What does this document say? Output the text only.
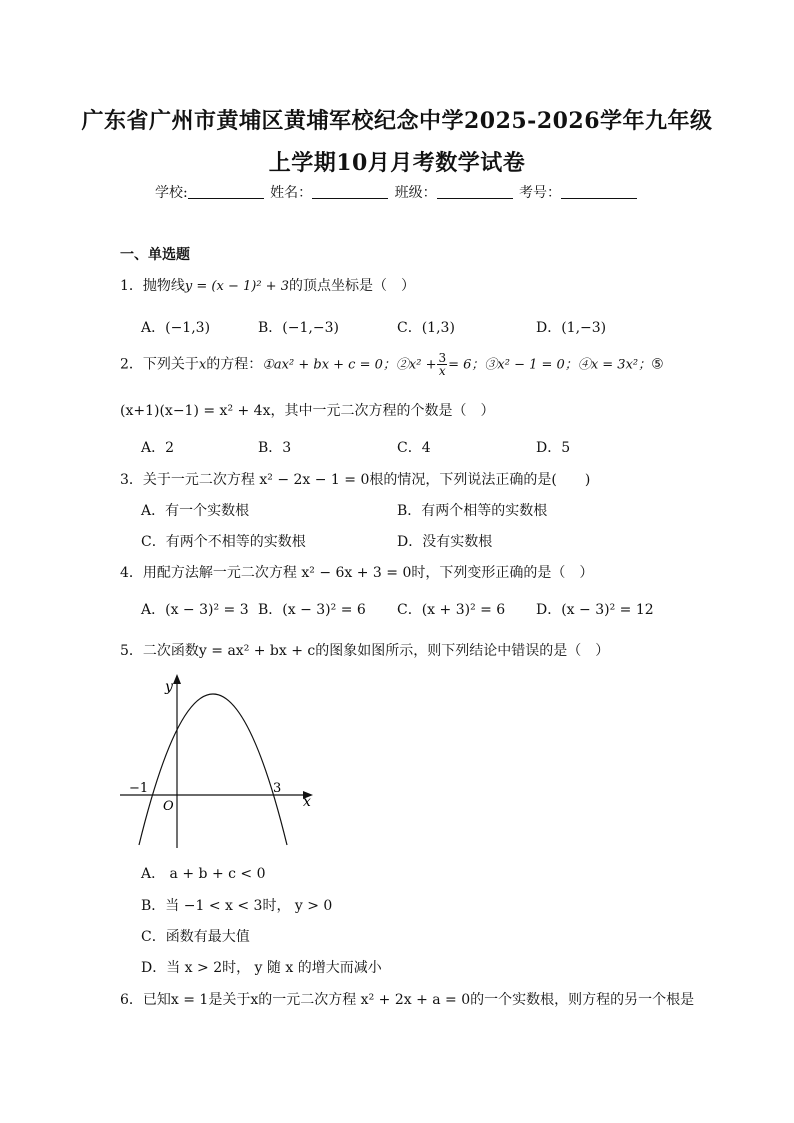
广东省广州市黄埔区黄埔军校纪念中学2025-2026学年九年级
上学期10月月考数学试卷
学校:	姓名：	班级：	考号：
一、单选题
1．抛物线y = (x − 1)² + 3的顶点坐标是（　）
A．(−1,3)	B．(−1,−3)	C．(1,3)	D．(1,−3)
2．下列关于x的方程：①ax² + bx + c = 0；②x² + $\frac{3}{x} = 6$；③x² − 1 = 0；④x = 3x²；⑤
(x+1)(x−1) = x² + 4x，其中一元二次方程的个数是（　）
A．2	B．3	C．4	D．5
3．关于一元二次方程 x² − 2x − 1 = 0根的情况，下列说法正确的是(　　)
A．有一个实数根	B．有两个相等的实数根
C．有两个不相等的实数根	D．没有实数根
4．用配方法解一元二次方程 x² − 6x + 3 = 0时，下列变形正确的是（　）
A．(x − 3)² = 3 B．(x − 3)² = 6 C．(x + 3)² = 6 D．(x − 3)² = 12
5．二次函数y = ax² + bx + c的图象如图所示，则下列结论中错误的是（　）
y
x
O
−1	3
A． a + b + c < 0
B．当 −1 < x < 3时， y > 0
C．函数有最大值
D．当 x > 2时， y 随 x 的增大而减小
6．已知x = 1是关于x的一元二次方程 x² + 2x + a = 0的一个实数根，则方程的另一个根是
